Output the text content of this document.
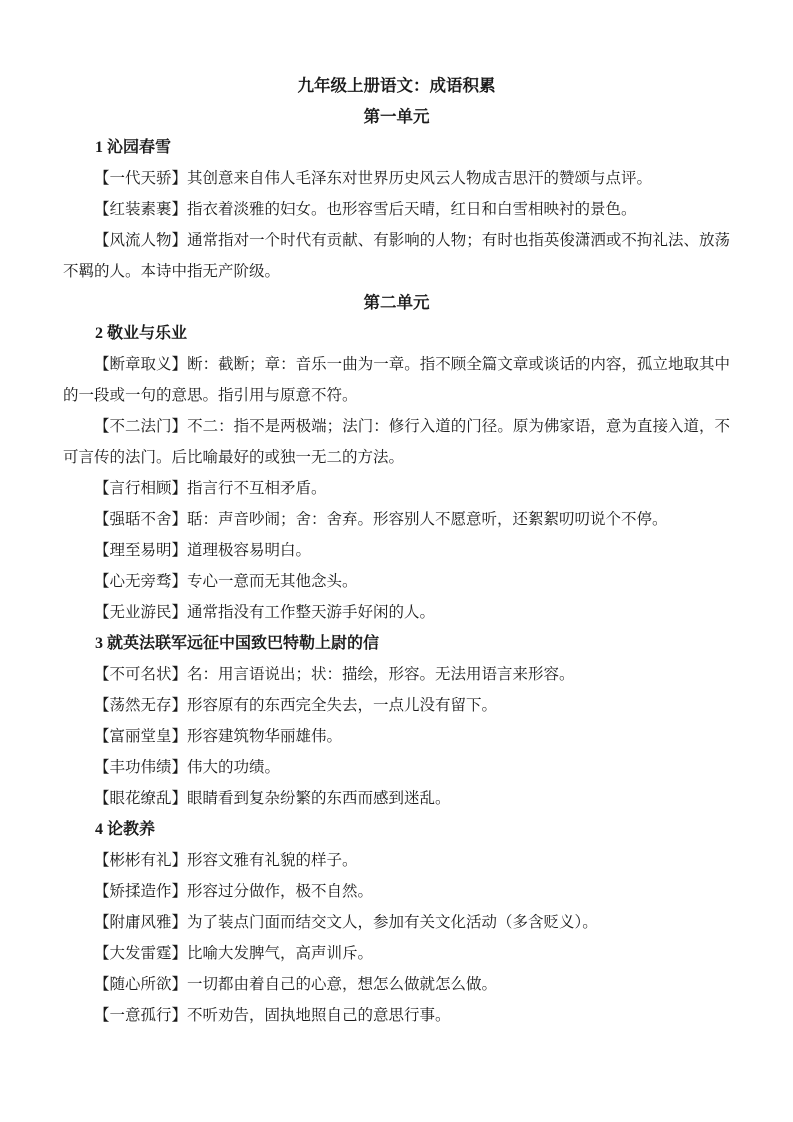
九年级上册语文：成语积累
第一单元
1 沁园春雪

【一代天骄】其创意来自伟人毛泽东对世界历史风云人物成吉思汗的赞颂与点评。

【红装素裹】指衣着淡雅的妇女。也形容雪后天晴，红日和白雪相映衬的景色。

【风流人物】通常指对一个时代有贡献、有影响的人物；有时也指英俊潇洒或不拘礼法、放荡不羁的人。本诗中指无产阶级。

第二单元
2 敬业与乐业

【断章取义】断：截断；章：音乐一曲为一章。指不顾全篇文章或谈话的内容，孤立地取其中的一段或一句的意思。指引用与原意不符。

【不二法门】不二：指不是两极端；法门：修行入道的门径。原为佛家语，意为直接入道，不可言传的法门。后比喻最好的或独一无二的方法。

【言行相顾】指言行不互相矛盾。

【强聒不舍】聒：声音吵闹；舍：舍弃。形容别人不愿意听，还絮絮叨叨说个不停。

【理至易明】道理极容易明白。

【心无旁骛】专心一意而无其他念头。

【无业游民】通常指没有工作整天游手好闲的人。

3 就英法联军远征中国致巴特勒上尉的信

【不可名状】名：用言语说出；状：描绘，形容。无法用语言来形容。

【荡然无存】形容原有的东西完全失去，一点儿没有留下。

【富丽堂皇】形容建筑物华丽雄伟。

【丰功伟绩】伟大的功绩。

【眼花缭乱】眼睛看到复杂纷繁的东西而感到迷乱。

4 论教养

【彬彬有礼】形容文雅有礼貌的样子。

【矫揉造作】形容过分做作，极不自然。

【附庸风雅】为了装点门面而结交文人，参加有关文化活动（多含贬义）。

【大发雷霆】比喻大发脾气，高声训斥。

【随心所欲】一切都由着自己的心意，想怎么做就怎么做。

【一意孤行】不听劝告，固执地照自己的意思行事。
